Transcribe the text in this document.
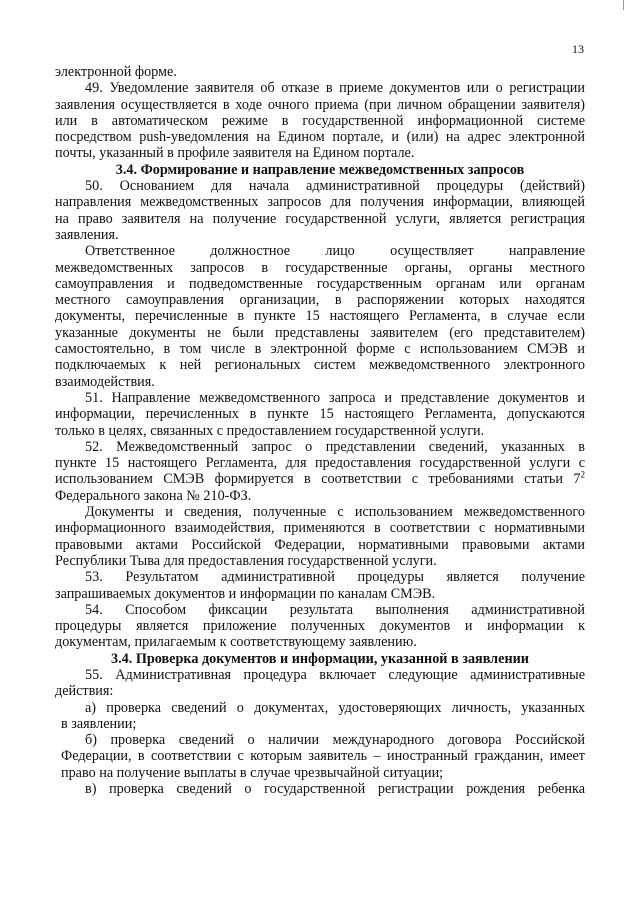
13
электронной форме.
49. Уведомление заявителя об отказе в приеме документов или о регистрации
заявления осуществляется в ходе очного приема (при личном обращении заявителя)
или в автоматическом режиме в государственной информационной системе
посредством push-уведомления на Едином портале, и (или) на адрес электронной
почты, указанный в профиле заявителя на Едином портале.
3.4. Формирование и направление межведомственных запросов
50. Основанием для начала административной процедуры (действий)
направления межведомственных запросов для получения информации, влияющей
на право заявителя на получение государственной услуги, является регистрация
заявления.
Ответственное должностное лицо осуществляет направление
межведомственных запросов в государственные органы, органы местного
самоуправления и подведомственные государственным органам или органам
местного самоуправления организации, в распоряжении которых находятся
документы, перечисленные в пункте 15 настоящего Регламента, в случае если
указанные документы не были представлены заявителем (его представителем)
самостоятельно, в том числе в электронной форме с использованием СМЭВ и
подключаемых к ней региональных систем межведомственного электронного
взаимодействия.
51. Направление межведомственного запроса и представление документов и
информации, перечисленных в пункте 15 настоящего Регламента, допускаются
только в целях, связанных с предоставлением государственной услуги.
52. Межведомственный запрос о представлении сведений, указанных в
пункте 15 настоящего Регламента, для предоставления государственной услуги с
использованием СМЭВ формируется в соответствии с требованиями статьи $7^2$
Федерального закона № 210-ФЗ.
Документы и сведения, полученные с использованием межведомственного
информационного взаимодействия, применяются в соответствии с нормативными
правовыми актами Российской Федерации, нормативными правовыми актами
Республики Тыва для предоставления государственной услуги.
53. Результатом административной процедуры является получение
запрашиваемых документов и информации по каналам СМЭВ.
54. Способом фиксации результата выполнения административной
процедуры является приложение полученных документов и информации к
документам, прилагаемым к соответствующему заявлению.
3.4. Проверка документов и информации, указанной в заявлении
55. Административная процедура включает следующие административные
действия:
а) проверка сведений о документах, удостоверяющих личность, указанных
в заявлении;
б) проверка сведений о наличии международного договора Российской
Федерации, в соответствии с которым заявитель – иностранный гражданин, имеет
право на получение выплаты в случае чрезвычайной ситуации;
в) проверка сведений о государственной регистрации рождения ребенка
